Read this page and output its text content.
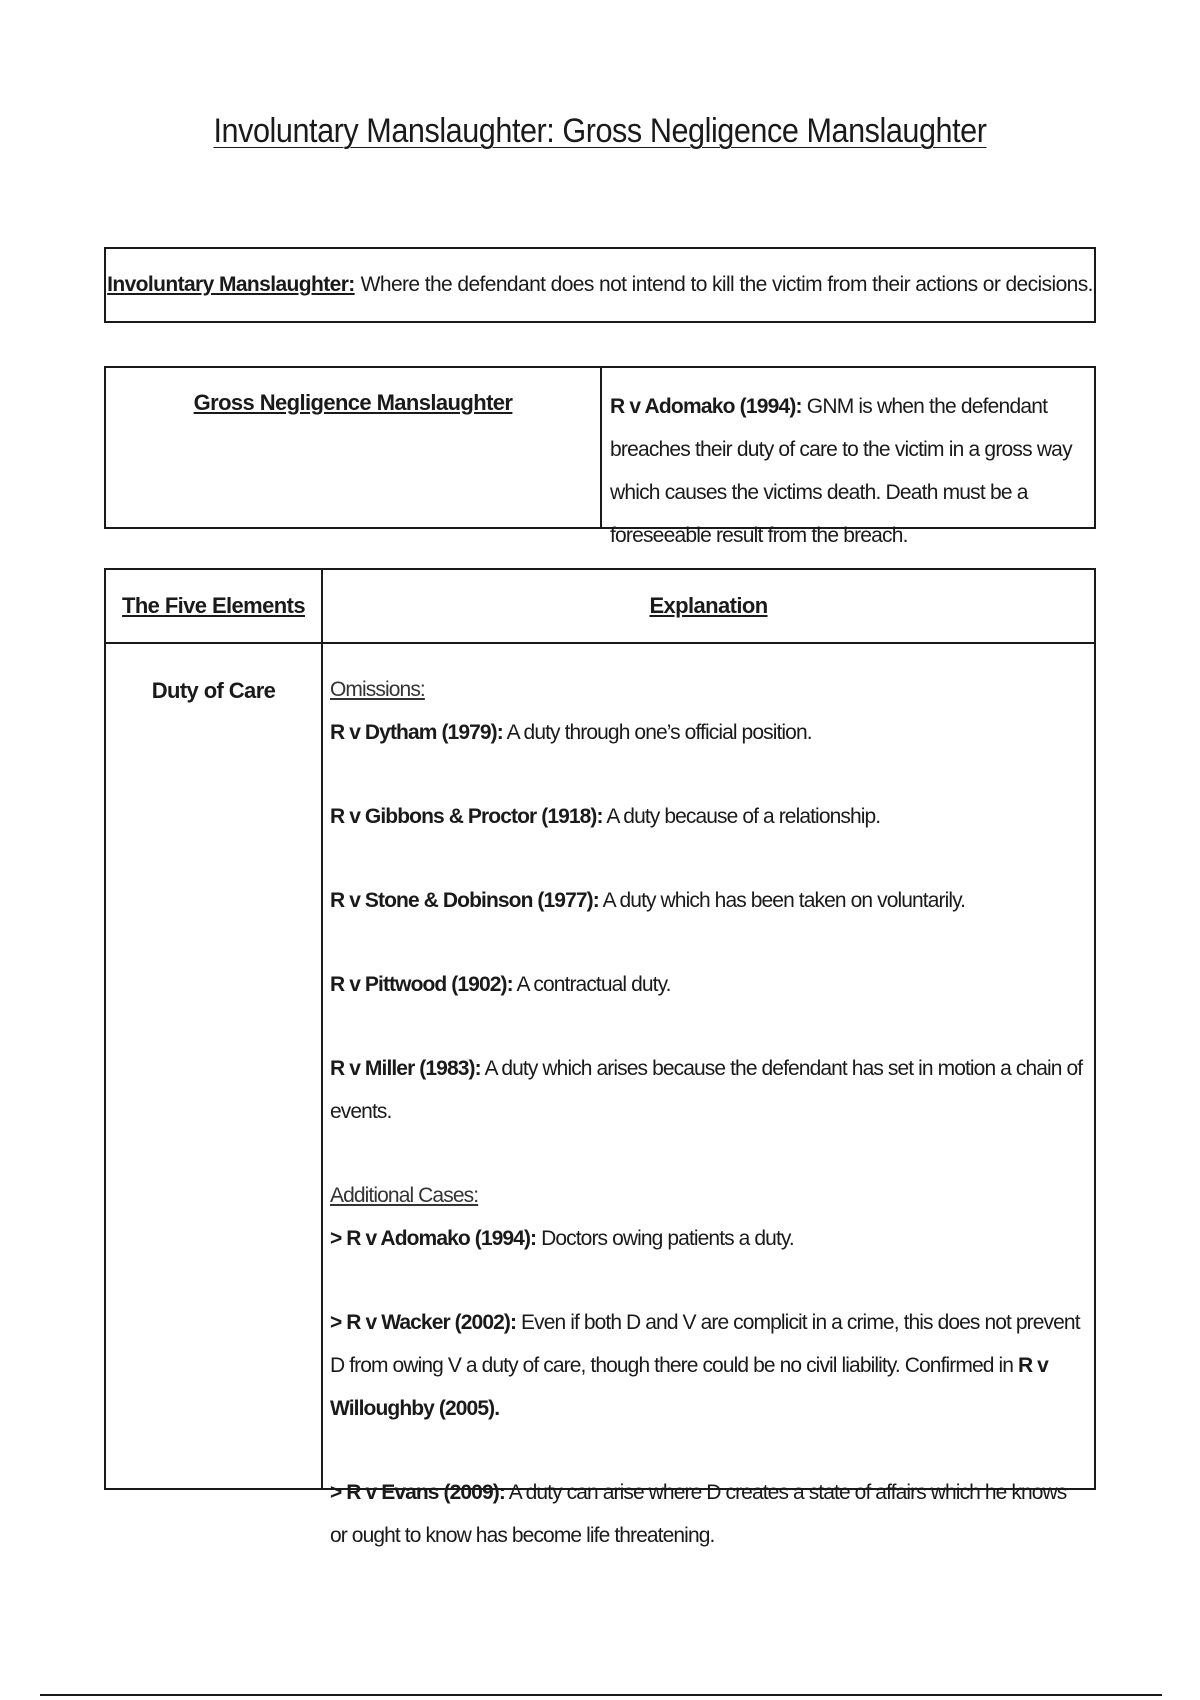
Involuntary Manslaughter: Gross Negligence Manslaughter
Involuntary Manslaughter: Where the defendant does not intend to kill the victim from their actions or decisions.
Gross Negligence Manslaughter	R v Adomako (1994): GNM is when the defendant breaches their duty of care to the victim in a gross way which causes the victims death. Death must be a foreseeable result from the breach.
The Five Elements	Explanation
Duty of Care	Omissions:

R v Dytham (1979): A duty through one’s official position.

R v Gibbons & Proctor (1918): A duty because of a relationship.

R v Stone & Dobinson (1977): A duty which has been taken on voluntarily.

R v Pittwood (1902): A contractual duty.

R v Miller (1983): A duty which arises because the defendant has set in motion a chain of events.

Additional Cases:

> R v Adomako (1994): Doctors owing patients a duty.

> R v Wacker (2002): Even if both D and V are complicit in a crime, this does not prevent D from owing V a duty of care, though there could be no civil liability. Confirmed in R v Willoughby (2005).

> R v Evans (2009): A duty can arise where D creates a state of affairs which he knows or ought to know has become life threatening.
